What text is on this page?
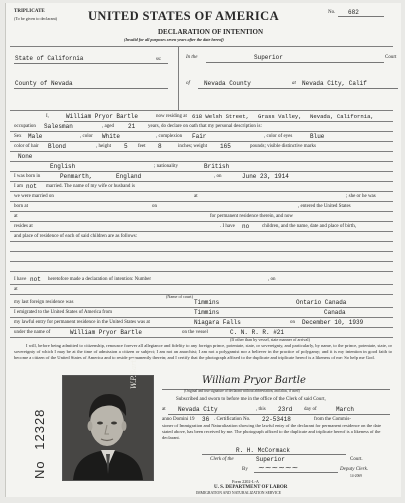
TRIPLICATE
(To be given to declarant)	UNITED STATES OF AMERICA	No. 682
DECLARATION OF INTENTION
(Invalid for all purposes seven years after the date hereof)
State of California	ss:
County of Nevada
In the	Superior	Court
of Nevada County	at Nevada City, Calif
I,	William Pryor Bartle	now residing at 618 Welsh Street, Grass Valley, Nevada, California,
occupation Salesman	, aged 21	years, do declare on oath that my personal description is:
Sex Male	, color White	, complexion Fair	, color of eyes	Blue
color of hair Blond	, height 5 feet 8	inches; weight 165	pounds; visible distinctive marks
None
English	; nationality	British
I was born in	Penmarth,	England	, on	June 23, 1914
I am not married. The name of my wife or husband is
we were married on	at	; she or he was
born at	on	, entered the United States
at	for permanent residence therein, and now
resides at	. I have no	children, and the name, date and place of birth,
and place of residence of each of said children are as follows:
I have not heretofore made a declaration of intention: Number	, on
at
(Name of court)
my last foreign residence was	Timmins	Ontario Canada
I emigrated to the United States of America from	Timmins	Canada
my lawful entry for permanent residence in the United States was at	Niagara Falls	on December 10, 1939
under the name of	William Pryor Bartle	on the vessel	C. N. R. R. #21
(If other than by vessel, state manner of arrival)
I will, before being admitted to citizenship, renounce forever all allegiance and fidelity to any foreign prince, potentate, state, or sovereignty, and particularly, by name, to the prince, potentate, state, or sovereignty of which I may be at the time of admission a citizen or subject; I am not an anarchist; I am not a polygamist nor a believer in the practice of polygamy; and it is my intention in good faith to become a citizen of the United States of America and to reside permanently therein; and I certify that the photograph affixed to the duplicate and triplicate hereof is a likeness of me: So help me God.
W.P.Bartle
No 12328
William Pryor Bartle
(Original and true signature of declarant without abbreviation, and alias, if used)
Subscribed and sworn to before me in the office of the Clerk of said Court,
at Nevada City	, this 23rd day of	March
anno Domini 19 36 . Certification No. 22-53418	from the Commis-
sioner of Immigration and Naturalization showing the lawful entry of the declarant for permanent residence on the date stated above, has been received by me. The photograph affixed to the duplicate and triplicate hereof is a likeness of the declarant.
R. H. McCormack
Clerk of the	Superior	Court.
By ~~~~~~	Deputy Clerk.
14-2069
Form 2202-L-A
U. S. DEPARTMENT OF LABOR
IMMIGRATION AND NATURALIZATION SERVICE
